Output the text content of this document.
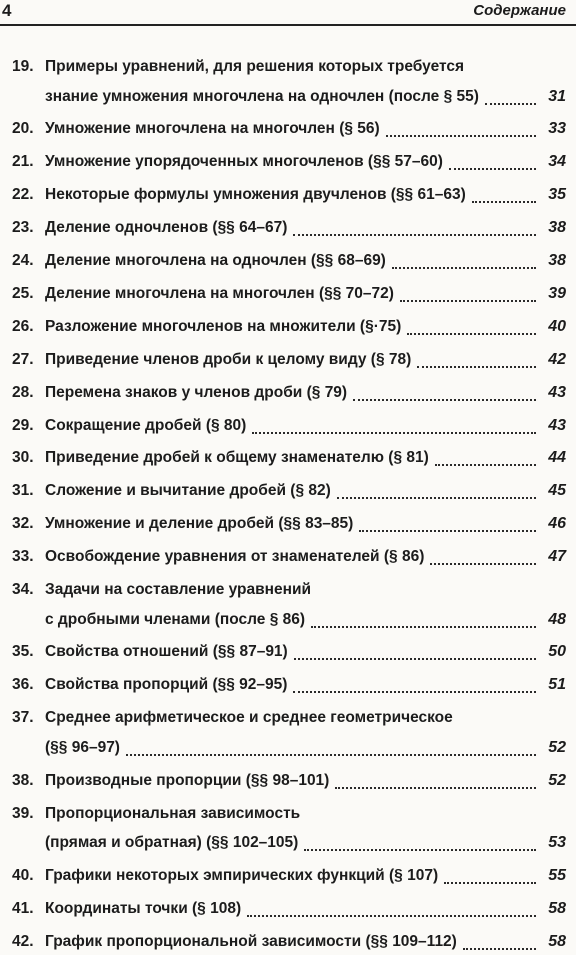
4	Содержание
19. Примеры уравнений, для решения которых требуется
знание умножения многочлена на одночлен (после § 55)	31
20. Умножение многочлена на многочлен (§ 56)	33
21. Умножение упорядоченных многочленов (§§ 57–60)	34
22. Некоторые формулы умножения двучленов (§§ 61–63)	35
23. Деление одночленов (§§ 64–67)	38
24. Деление многочлена на одночлен (§§ 68–69)	38
25. Деление многочлена на многочлен (§§ 70–72)	39
26. Разложение многочленов на множители (§·75)	40
27. Приведение членов дроби к целому виду (§ 78)	42
28. Перемена знаков у членов дроби (§ 79)	43
29. Сокращение дробей (§ 80)	43
30. Приведение дробей к общему знаменателю (§ 81)	44
31. Сложение и вычитание дробей (§ 82)	45
32. Умножение и деление дробей (§§ 83–85)	46
33. Освобождение уравнения от знаменателей (§ 86)	47
34. Задачи на составление уравнений
с дробными членами (после § 86)	48
35. Свойства отношений (§§ 87–91)	50
36. Свойства пропорций (§§ 92–95)	51
37. Среднее арифметическое и среднее геометрическое
(§§ 96–97)	52
38. Производные пропорции (§§ 98–101)	52
39. Пропорциональная зависимость
(прямая и обратная) (§§ 102–105)	53
40. Графики некоторых эмпирических функций (§ 107)	55
41. Координаты точки (§ 108)	58
42. График пропорциональной зависимости (§§ 109–112)	58
